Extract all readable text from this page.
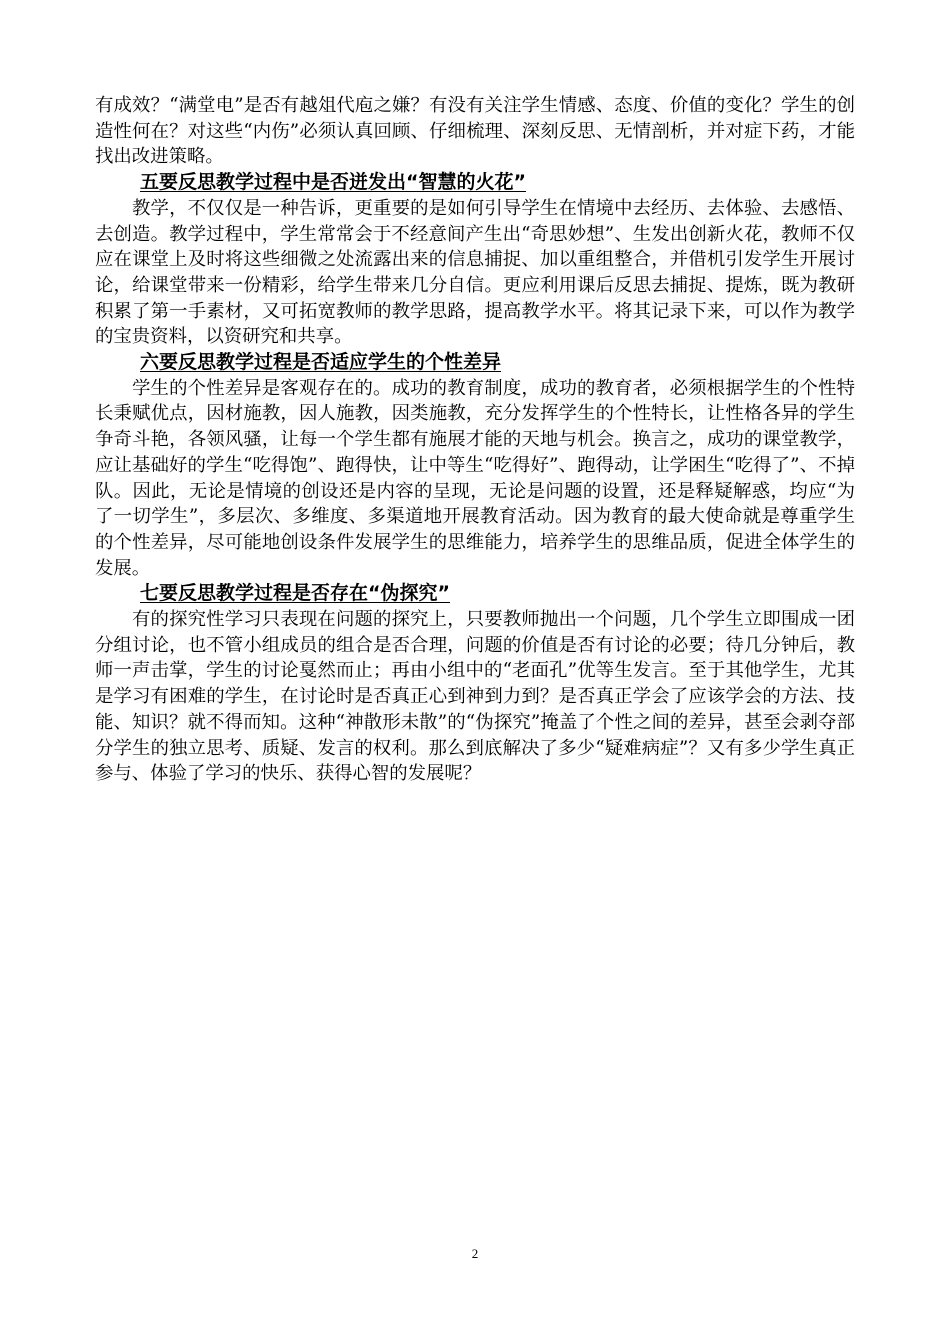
有成效？“满堂电”是否有越俎代庖之嫌？有没有关注学生情感、态度、价值的变化？学生的创造性何在？对这些“内伤”必须认真回顾、仔细梳理、深刻反思、无情剖析，并对症下药，才能找出改进策略。

五要反思教学过程中是否迸发出“智慧的火花”

教学，不仅仅是一种告诉，更重要的是如何引导学生在情境中去经历、去体验、去感悟、去创造。教学过程中，学生常常会于不经意间产生出“奇思妙想”、生发出创新火花，教师不仅应在课堂上及时将这些细微之处流露出来的信息捕捉、加以重组整合，并借机引发学生开展讨论，给课堂带来一份精彩，给学生带来几分自信。更应利用课后反思去捕捉、提炼，既为教研积累了第一手素材，又可拓宽教师的教学思路，提高教学水平。将其记录下来，可以作为教学的宝贵资料，以资研究和共享。

六要反思教学过程是否适应学生的个性差异

学生的个性差异是客观存在的。成功的教育制度，成功的教育者，必须根据学生的个性特长秉赋优点，因材施教，因人施教，因类施教，充分发挥学生的个性特长，让性格各异的学生争奇斗艳，各领风骚，让每一个学生都有施展才能的天地与机会。换言之，成功的课堂教学，应让基础好的学生“吃得饱”、跑得快，让中等生“吃得好”、跑得动，让学困生“吃得了”、不掉队。因此，无论是情境的创设还是内容的呈现，无论是问题的设置，还是释疑解惑，均应“为了一切学生”，多层次、多维度、多渠道地开展教育活动。因为教育的最大使命就是尊重学生的个性差异，尽可能地创设条件发展学生的思维能力，培养学生的思维品质，促进全体学生的发展。

七要反思教学过程是否存在“伪探究”

有的探究性学习只表现在问题的探究上，只要教师抛出一个问题，几个学生立即围成一团分组讨论，也不管小组成员的组合是否合理，问题的价值是否有讨论的必要；待几分钟后，教师一声击掌，学生的讨论戛然而止；再由小组中的“老面孔”优等生发言。至于其他学生，尤其是学习有困难的学生，在讨论时是否真正心到神到力到？是否真正学会了应该学会的方法、技能、知识？就不得而知。这种“神散形未散”的“伪探究”掩盖了个性之间的差异，甚至会剥夺部分学生的独立思考、质疑、发言的权利。那么到底解决了多少“疑难病症”？又有多少学生真正参与、体验了学习的快乐、获得心智的发展呢？

2
